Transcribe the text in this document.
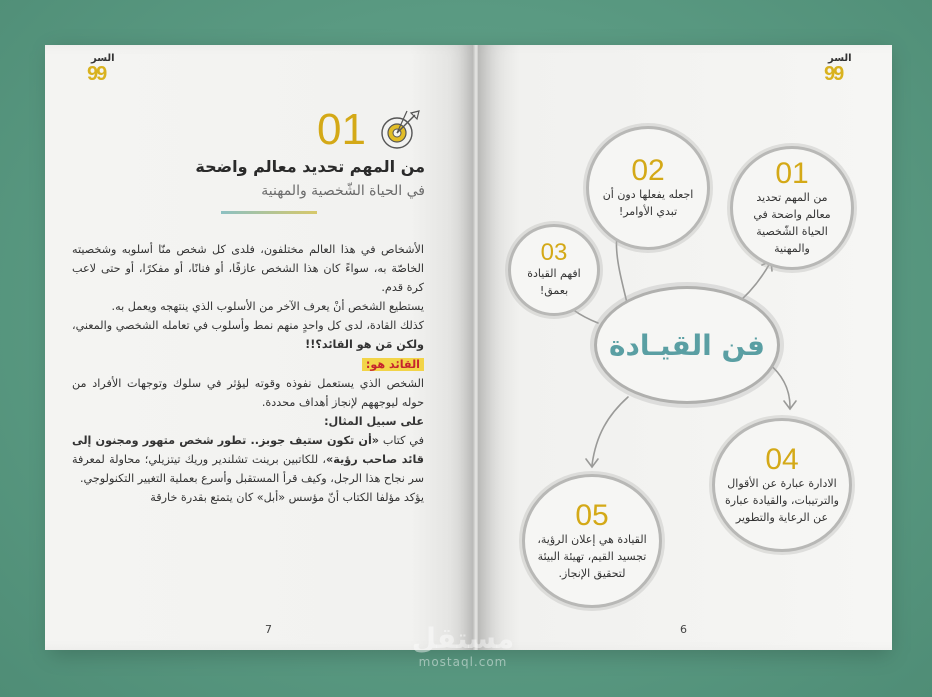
السر
99
01
من المهم تحديد معالم واضحة
في الحياة الشّخصية والمهنية
7

الأشخاص في هذا العالم مختلفون، فلدى كل شخص منّا أسلوبه وشخصيته الخاصّة به، سواءً كان هذا الشخص عازفًا، أو فنانًا، أو مفكرًا، أو حتى لاعب كرة قدم.

يستطيع الشخص أنْ يعرف الآخر من الأسلوب الذي ينتهجه ويعمل به.

كذلك القادة، لدى كل واحدٍ منهم نمط وأسلوب في تعامله الشخصي والمعني، ولكن مَن هو القائد؟!!

القائد هو:

الشخص الذي يستعمل نفوذه وقوته ليؤثر في سلوك وتوجهات الأفراد من حوله ليوجههم لإنجاز أهداف محددة.

على سبيل المثال:

في كتاب «أن تكون ستيف جوبز.. تطور شخص متهور ومجنون إلى قائد صاحب رؤية»، للكاتبين برينت تشلندير وريك تيتزيلي؛ محاولة لمعرفة سر نجاح هذا الرجل، وكيف قرأ المستقبل وأسرع بعملية التغيير التكنولوجي.

يؤكد مؤلفا الكتاب أنّ مؤسس «أبل» كان يتمتع بقدرة خارقة

السر
99
6
فن القيـادة
01
من المهم تحديد معالم واضحة في الحياة الشّخصية والمهنية
02
اجعله يفعلها دون أن تبدي الأوامر!
03
افهم القيادة بعمق!
04
الادارة عبارة عن الأقوال والترتيبات، والقيادة عبارة عن الرعاية والتطوير
05
القيادة هي إعلان الرؤية، تجسيد القيم، تهيئة البيئة لتحقيق الإنجاز.
مستقل
mostaql.com
